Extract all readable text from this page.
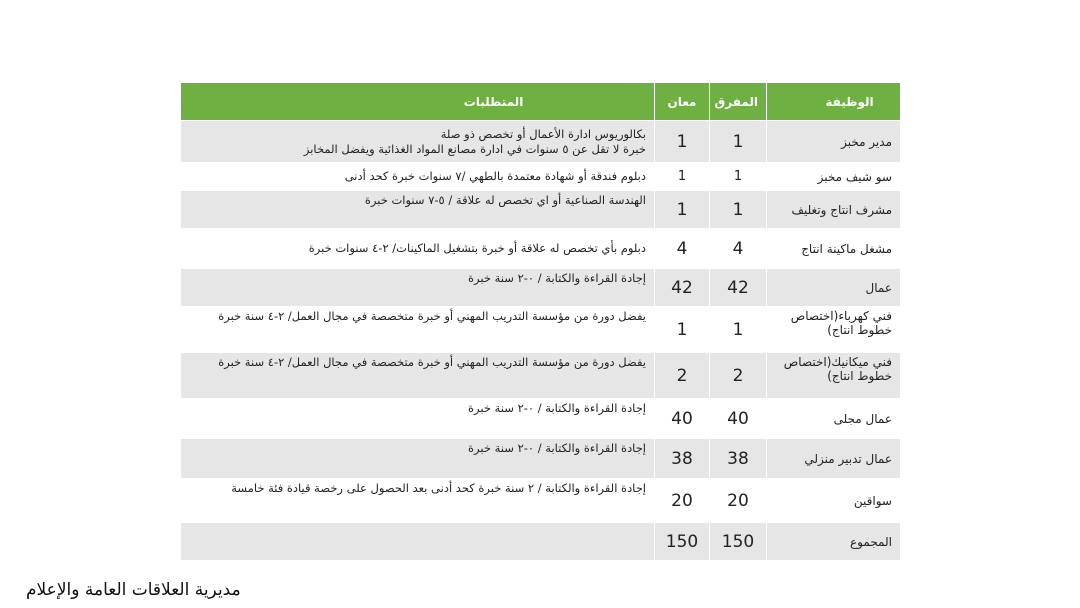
الوظيفة	المفرق	معان	المتطلبات
مدير مخبز	1	1	بكالوريوس ادارة الأعمال أو تخصص ذو صلة
خبرة لا تقل عن ٥ سنوات في ادارة مصانع المواد الغذائية ويفضل المخابز

سو شيف مخبز	1	1	دبلوم فندقة أو شهادة معتمدة بالطهي /٧ سنوات خبرة كحد أدنى
مشرف انتاج وتغليف	1	1	الهندسة الصناعية أو اي تخصص له علاقة / ٥-٧ سنوات خبرة
مشغل ماكينة انتاج	4	4	دبلوم بأي تخصص له علاقة أو خبرة بتشغيل الماكينات/ ٢-٤ سنوات خبرة
عمال	42	42	إجادة القراءة والكتابة / ٠-٢ سنة خبرة
فني كهرباء(اختصاص خطوط انتاج)	1	1	يفضل دورة من مؤسسة التدريب المهني أو خبرة متخصصة في مجال العمل/ ٢-٤ سنة خبرة
فني ميكانيك(اختصاص خطوط انتاج)	2	2	يفضل دورة من مؤسسة التدريب المهني أو خبرة متخصصة في مجال العمل/ ٢-٤ سنة خبرة
عمال مجلى	40	40	إجادة القراءة والكتابة / ٠-٢ سنة خبرة
عمال تدبير منزلي	38	38	إجادة القراءة والكتابة / ٠-٢ سنة خبرة
سواقين	20	20	إجادة القراءة والكتابة / ٢ سنة خبرة كحد أدنى بعد الحصول على رخصة قيادة فئة خامسة
المجموع	150	150	
مديرية العلاقات العامة والإعلام
